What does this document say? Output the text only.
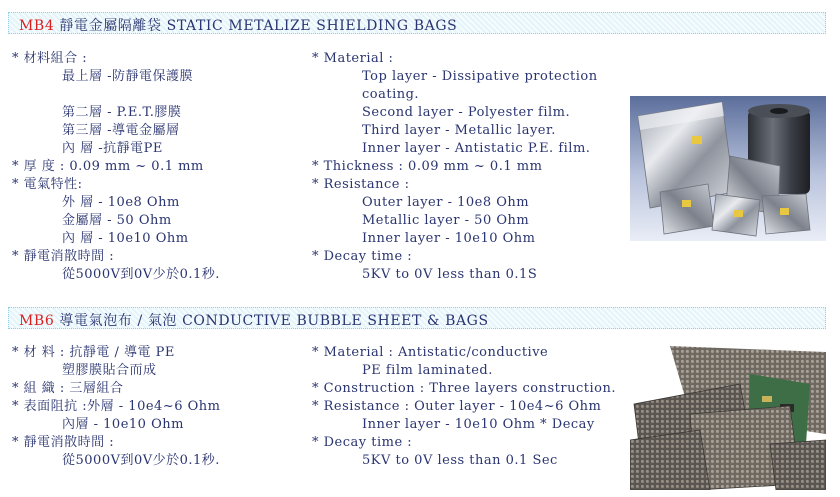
MB4 靜電金屬隔離袋 STATIC METALIZE SHIELDING BAGS
* 材料組合 :
最上層 -防靜電保護膜
第二層 - P.E.T.膠膜
第三層 -導電金屬層
內 層 -抗靜電PE
* 厚 度 : 0.09 mm ~ 0.1 mm
* 電氣特性:
外 層 - 10e8 Ohm
金屬層 - 50 Ohm
內 層 - 10e10 Ohm
* 靜電消散時間 :
從5000V到0V少於0.1秒.
* Material :
Top layer - Dissipative protection
coating.
Second layer - Polyester film.
Third layer - Metallic layer.
Inner layer - Antistatic P.E. film.
* Thickness : 0.09 mm ~ 0.1 mm
* Resistance :
Outer layer - 10e8 Ohm
Metallic layer - 50 Ohm
Inner layer - 10e10 Ohm
* Decay time :
5KV to 0V less than 0.1S
MB6 導電氣泡布 / 氣泡 CONDUCTIVE BUBBLE SHEET & BAGS
* 材 料 : 抗靜電 / 導電 PE
塑膠膜貼合而成
* 組 織 : 三層組合
* 表面阻抗 :外層 - 10e4~6 Ohm
內層 - 10e10 Ohm
* 靜電消散時間 :
從5000V到0V少於0.1秒.
* Material : Antistatic/conductive
PE film laminated.
* Construction : Three layers construction.
* Resistance : Outer layer - 10e4~6 Ohm
Inner layer - 10e10 Ohm * Decay
* Decay time :
5KV to 0V less than 0.1 Sec
